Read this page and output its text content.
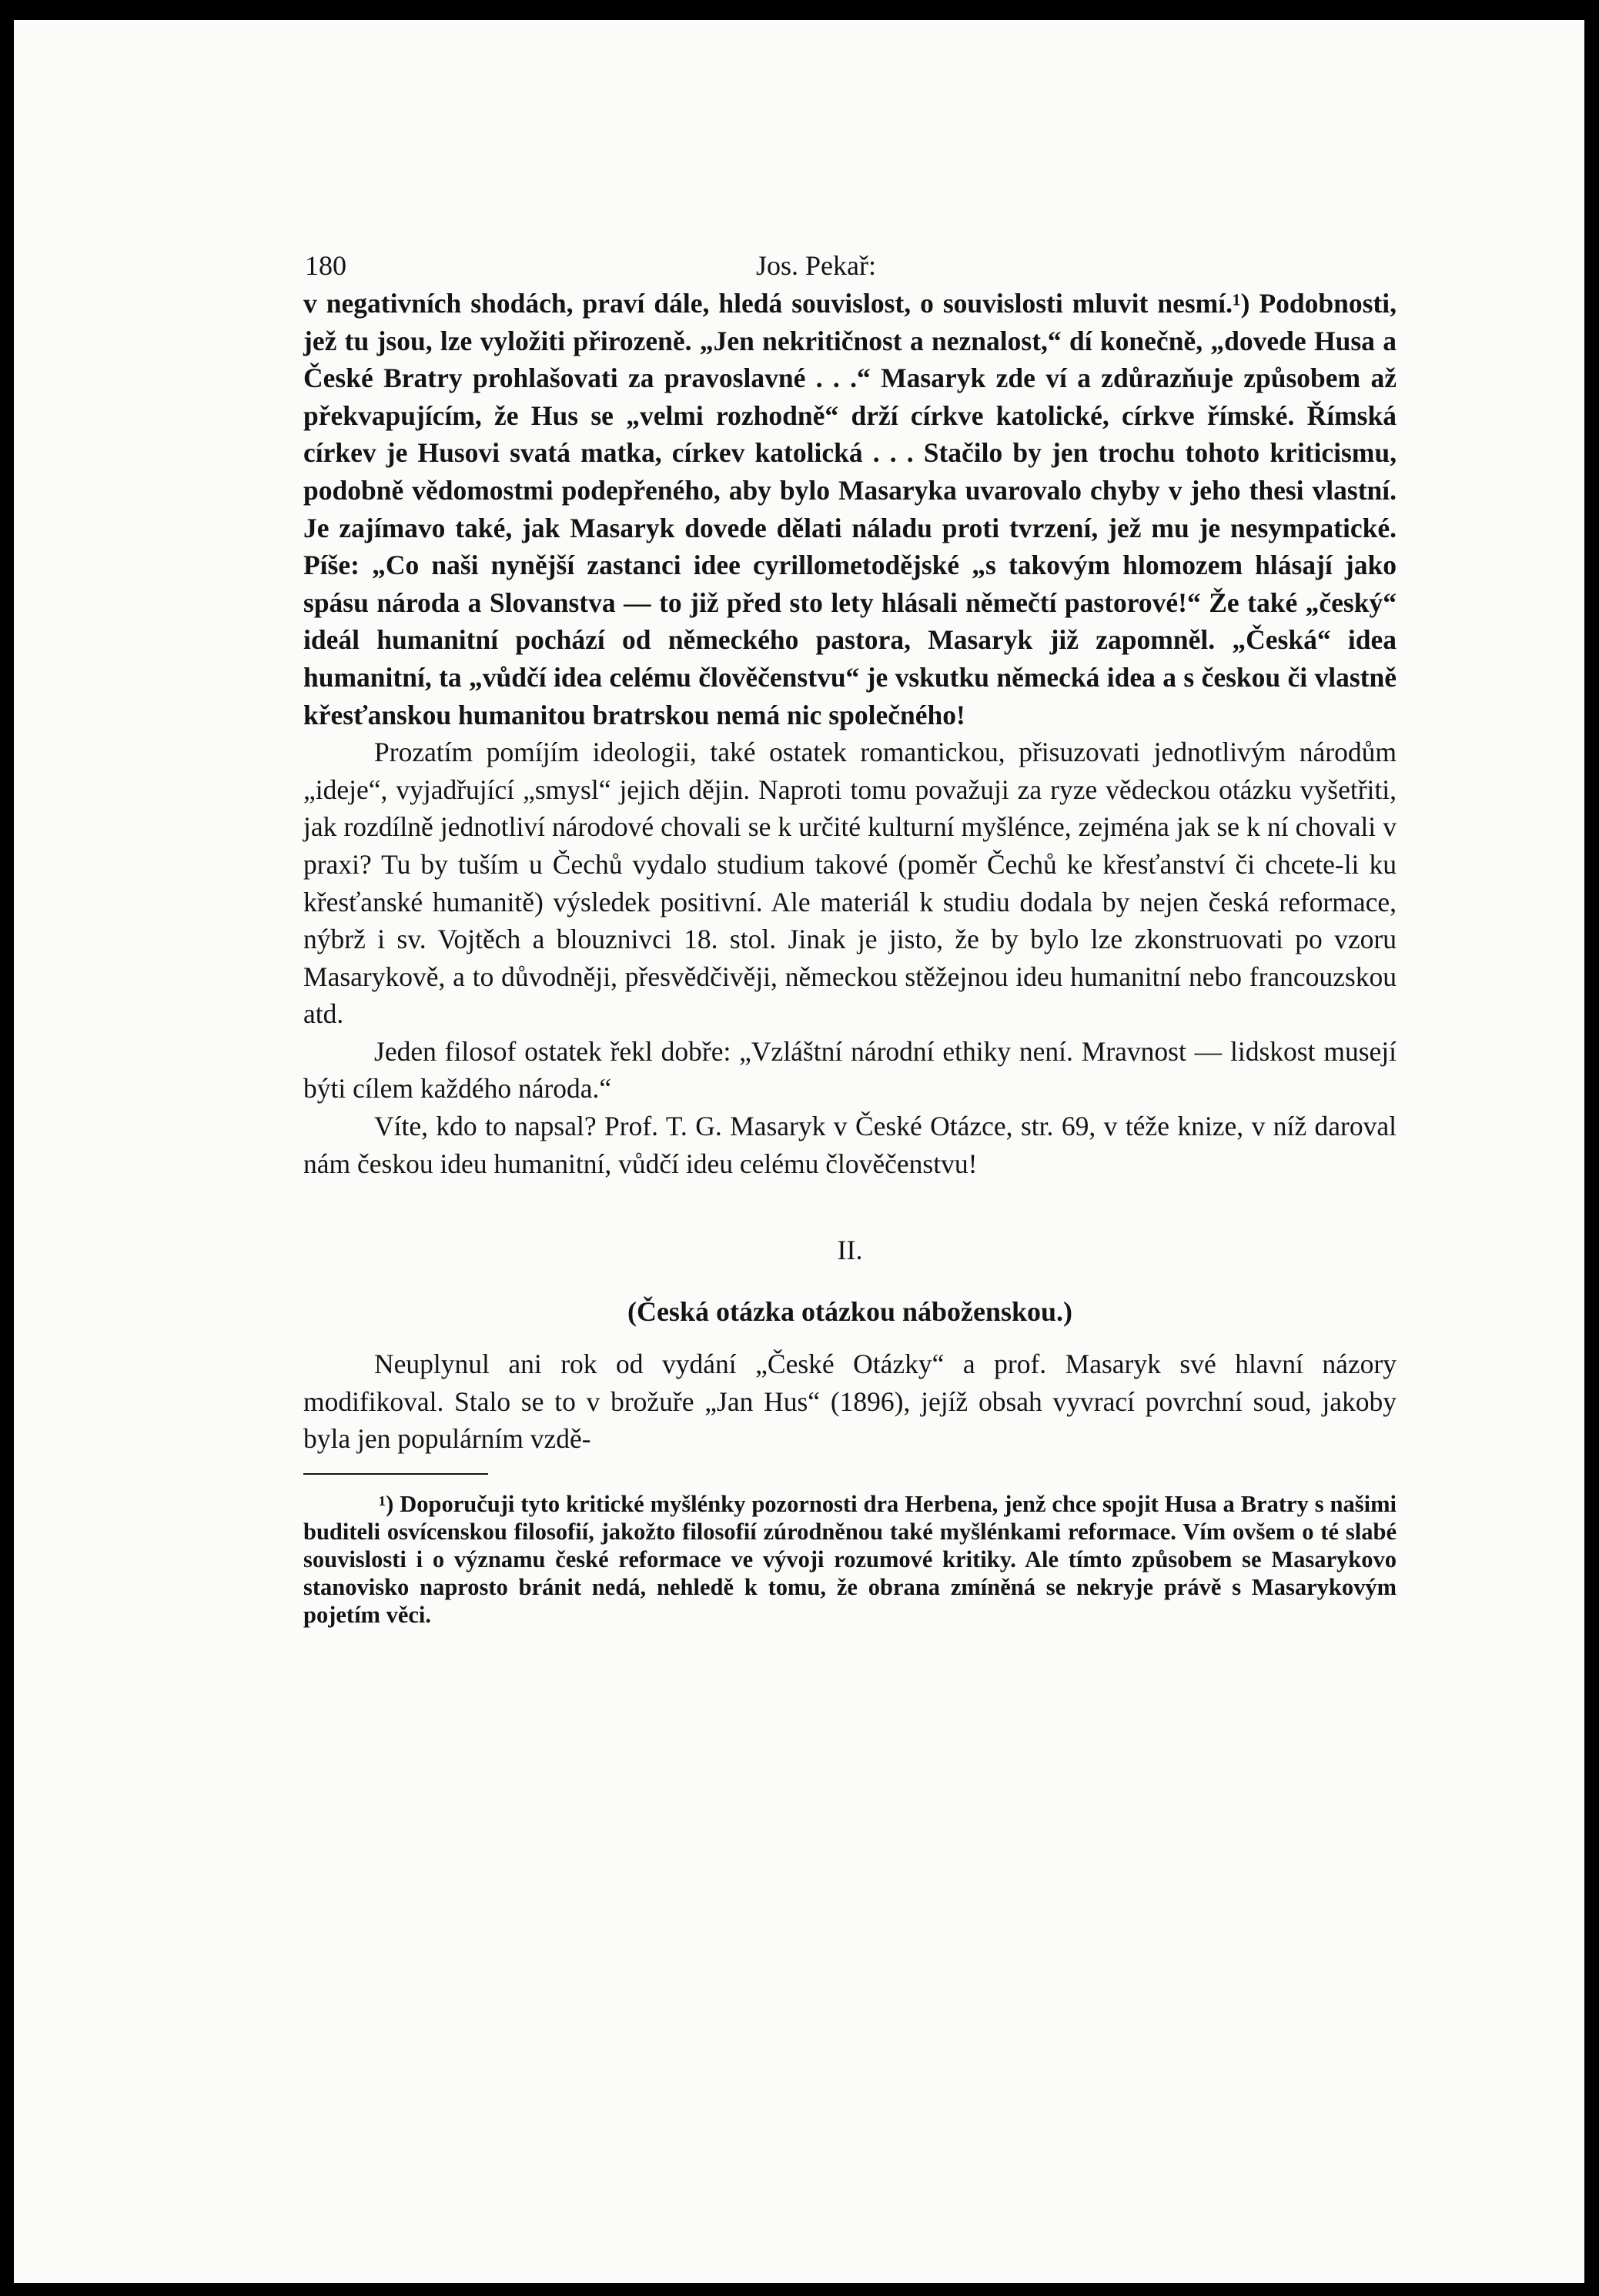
180	Jos. Pekař:

v negativních shodách, praví dále, hledá souvislost, o souvislosti mluvit nesmí.¹) Podobnosti, jež tu jsou, lze vyložiti přirozeně. „Jen nekritičnost a neznalost,“ dí konečně, „dovede Husa a České Bratry prohlašovati za pravoslavné . . .“ Masaryk zde ví a zdůrazňuje způsobem až překvapujícím, že Hus se „velmi rozhodně“ drží církve katolické, církve římské. Římská církev je Husovi svatá matka, církev katolická . . . Stačilo by jen trochu tohoto kriticismu, podobně vědomostmi podepřeného, aby bylo Masaryka uvarovalo chyby v jeho thesi vlastní. Je zajímavo také, jak Masaryk dovede dělati náladu proti tvrzení, jež mu je nesympatické. Píše: „Co naši nynější zastanci idee cyrillometodějské „s takovým hlomozem hlásají jako spásu národa a Slovanstva — to již před sto lety hlásali němečtí pastorové!“ Že také „český“ ideál humanitní pochází od německého pastora, Masaryk již zapomněl. „Česká“ idea humanitní, ta „vůdčí idea celému člověčenstvu“ je vskutku německá idea a s českou či vlastně křesťanskou humanitou bratrskou nemá nic společného!

Prozatím pomíjím ideologii, také ostatek romantickou, přisuzovati jednotlivým národům „ideje“, vyjadřující „smysl“ jejich dějin. Naproti tomu považuji za ryze vědeckou otázku vyšetřiti, jak rozdílně jednotliví národové chovali se k určité kulturní myšlénce, zejména jak se k ní chovali v praxi? Tu by tuším u Čechů vydalo studium takové (poměr Čechů ke křesťanství či chcete-li ku křesťanské humanitě) výsledek positivní. Ale materiál k studiu dodala by nejen česká reformace, nýbrž i sv. Vojtěch a blouznivci 18. stol. Jinak je jisto, že by bylo lze zkonstruovati po vzoru Masarykově, a to důvodněji, přesvědčivěji, německou stěžejnou ideu humanitní nebo francouzskou atd.

Jeden filosof ostatek řekl dobře: „Vzláštní národní ethiky není. Mravnost — lidskost musejí býti cílem každého národa.“

Víte, kdo to napsal? Prof. T. G. Masaryk v České Otázce, str. 69, v téže knize, v níž daroval nám českou ideu humanitní, vůdčí ideu celému člověčenstvu!

II.

(Česká otázka otázkou náboženskou.)

Neuplynul ani rok od vydání „České Otázky“ a prof. Masaryk své hlavní názory modifikoval. Stalo se to v brožuře „Jan Hus“ (1896), jejíž obsah vyvrací povrchní soud, jakoby byla jen populárním vzdě-

¹) Doporučuji tyto kritické myšlénky pozornosti dra Herbena, jenž chce spojit Husa a Bratry s našimi buditeli osvícenskou filosofií, jakožto filosofií zúrodněnou také myšlénkami reformace. Vím ovšem o té slabé souvislosti i o významu české reformace ve vývoji rozumové kritiky. Ale tímto způsobem se Masarykovo stanovisko naprosto bránit nedá, nehledě k tomu, že obrana zmíněná se nekryje právě s Masarykovým pojetím věci.
